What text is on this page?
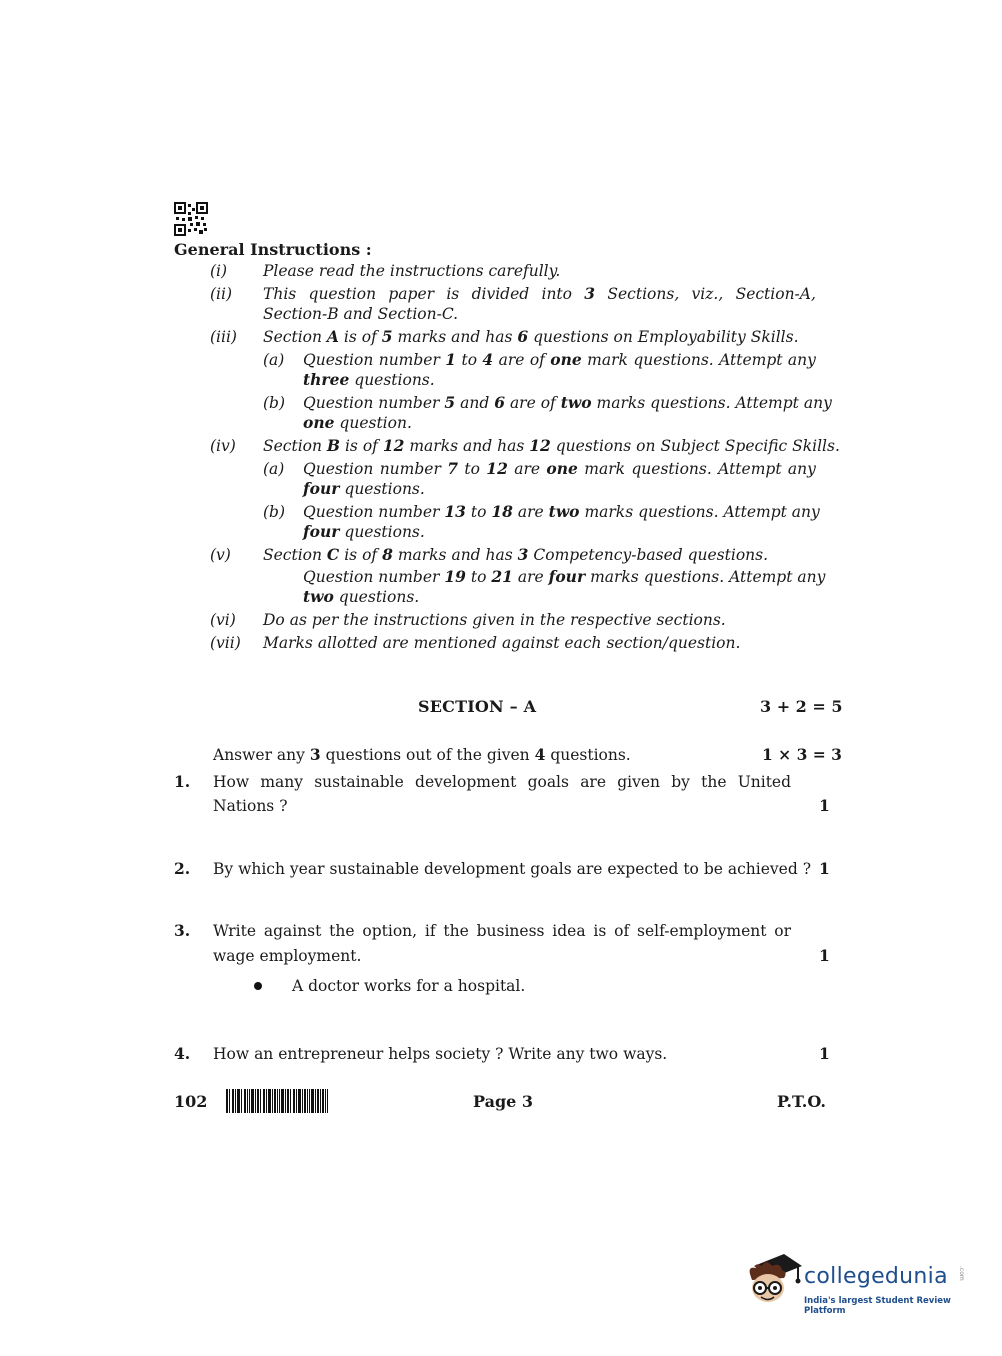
General Instructions :
(i) Please read the instructions carefully.
(ii) This question paper is divided into 3 Sections, viz., Section-A,
Section-B and Section-C.
(iii) Section A is of 5 marks and has 6 questions on Employability Skills.
(a) Question number 1 to 4 are of one mark questions. Attempt any
three questions.
(b) Question number 5 and 6 are of two marks questions. Attempt any
one question.
(iv) Section B is of 12 marks and has 12 questions on Subject Specific Skills.
(a) Question number 7 to 12 are one mark questions. Attempt any
four questions.
(b) Question number 13 to 18 are two marks questions. Attempt any
four questions.
(v) Section C is of 8 marks and has 3 Competency-based questions.
Question number 19 to 21 are four marks questions. Attempt any
two questions.
(vi) Do as per the instructions given in the respective sections.
(vii) Marks allotted are mentioned against each section/question.
SECTION – A	3 + 2 = 5
Answer any 3 questions out of the given 4 questions.	1 × 3 = 3
1. How many sustainable development goals are given by the United
Nations ?	1
2. By which year sustainable development goals are expected to be achieved ? 1
3. Write against the option, if the business idea is of self-employment or
wage employment.	1
A doctor works for a hospital.
4. How an entrepreneur helps society ? Write any two ways.	1
102	Page 3	P.T.O.
collegedunia .com
India's largest Student Review Platform
